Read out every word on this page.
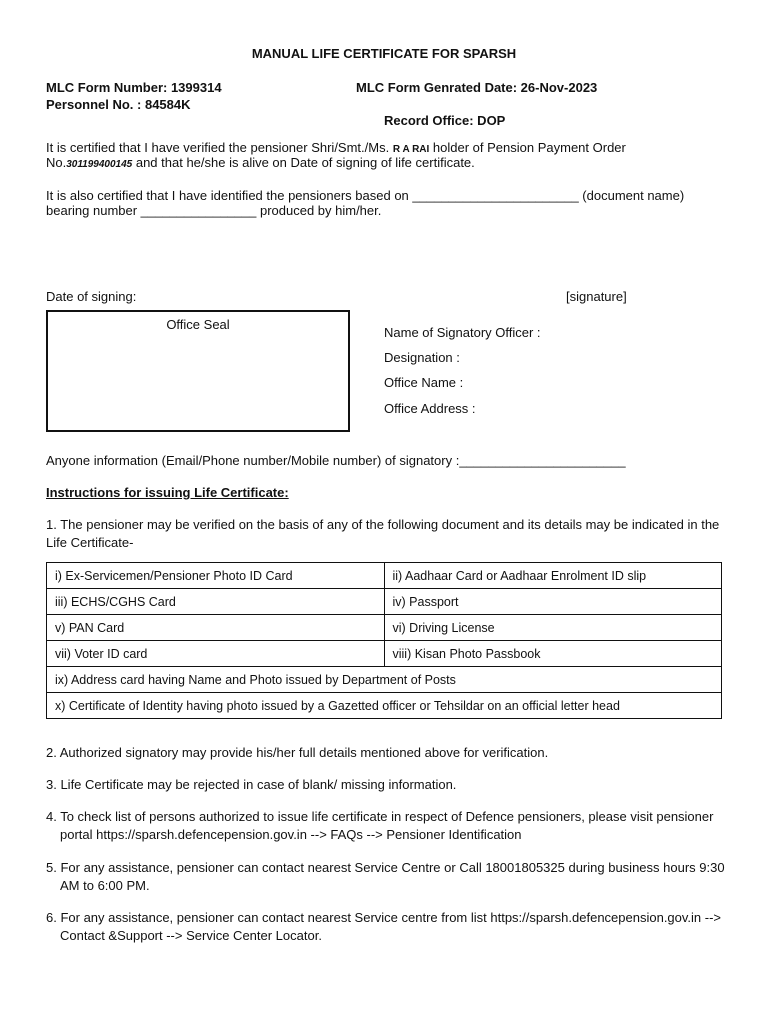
MANUAL LIFE CERTIFICATE FOR SPARSH
MLC Form Number: 1399314	MLC Form Genrated Date: 26-Nov-2023
Personnel No. : 84584K
Record Office: DOP
It is certified that I have verified the pensioner Shri/Smt./Ms. R A RAI holder of Pension Payment Order
No.301199400145 and that he/she is alive on Date of signing of life certificate.
It is also certified that I have identified the pensioners based on _______________________ (document name)
bearing number ________________ produced by him/her.
Date of signing:	[signature]
Office Seal
Name of Signatory Officer :
Designation :
Office Name :
Office Address :
Anyone information (Email/Phone number/Mobile number) of signatory :_______________________
Instructions for issuing Life Certificate:
1. The pensioner may be verified on the basis of any of the following document and its details may be indicated in the
Life Certificate-
i) Ex-Servicemen/Pensioner Photo ID Card	ii) Aadhaar Card or Aadhaar Enrolment ID slip
iii) ECHS/CGHS Card	iv) Passport
v) PAN Card	vi) Driving License
vii) Voter ID card	viii) Kisan Photo Passbook
ix) Address card having Name and Photo issued by Department of Posts	
x) Certificate of Identity having photo issued by a Gazetted officer or Tehsildar on an official letter head	
2. Authorized signatory may provide his/her full details mentioned above for verification.
3. Life Certificate may be rejected in case of blank/ missing information.
4. To check list of persons authorized to issue life certificate in respect of Defence pensioners, please visit pensioner
portal https://sparsh.defencepension.gov.in --> FAQs --> Pensioner Identification
5. For any assistance, pensioner can contact nearest Service Centre or Call 18001805325 during business hours 9:30
AM to 6:00 PM.
6. For any assistance, pensioner can contact nearest Service centre from list https://sparsh.defencepension.gov.in -->
Contact &Support --> Service Center Locator.
